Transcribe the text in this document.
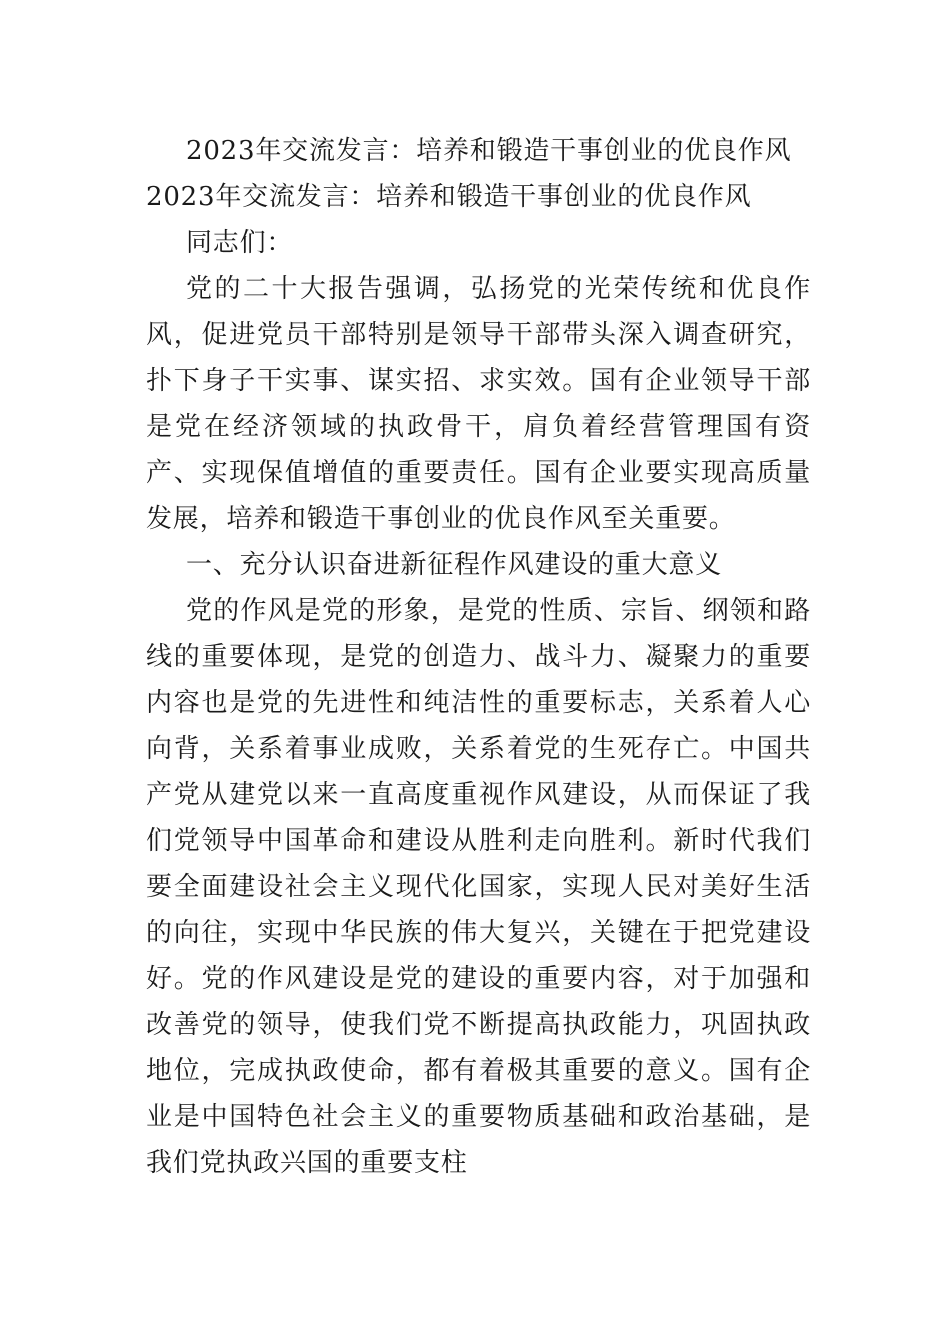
2023年交流发言：培养和锻造干事创业的优良作风

2023年交流发言：培养和锻造干事创业的优良作风

同志们：

党的二十大报告强调，弘扬党的光荣传统和优良作风，促进党员干部特别是领导干部带头深入调查研究，扑下身子干实事、谋实招、求实效。国有企业领导干部是党在经济领域的执政骨干，肩负着经营管理国有资产、实现保值增值的重要责任。国有企业要实现高质量发展，培养和锻造干事创业的优良作风至关重要。

一、充分认识奋进新征程作风建设的重大意义

党的作风是党的形象，是党的性质、宗旨、纲领和路线的重要体现，是党的创造力、战斗力、凝聚力的重要内容也是党的先进性和纯洁性的重要标志，关系着人心向背，关系着事业成败，关系着党的生死存亡。中国共产党从建党以来一直高度重视作风建设，从而保证了我们党领导中国革命和建设从胜利走向胜利。新时代我们要全面建设社会主义现代化国家，实现人民对美好生活的向往，实现中华民族的伟大复兴，关键在于把党建设好。党的作风建设是党的建设的重要内容，对于加强和改善党的领导，使我们党不断提高执政能力，巩固执政地位，完成执政使命，都有着极其重要的意义。国有企业是中国特色社会主义的重要物质基础和政治基础，是我们党执政兴国的重要支柱
